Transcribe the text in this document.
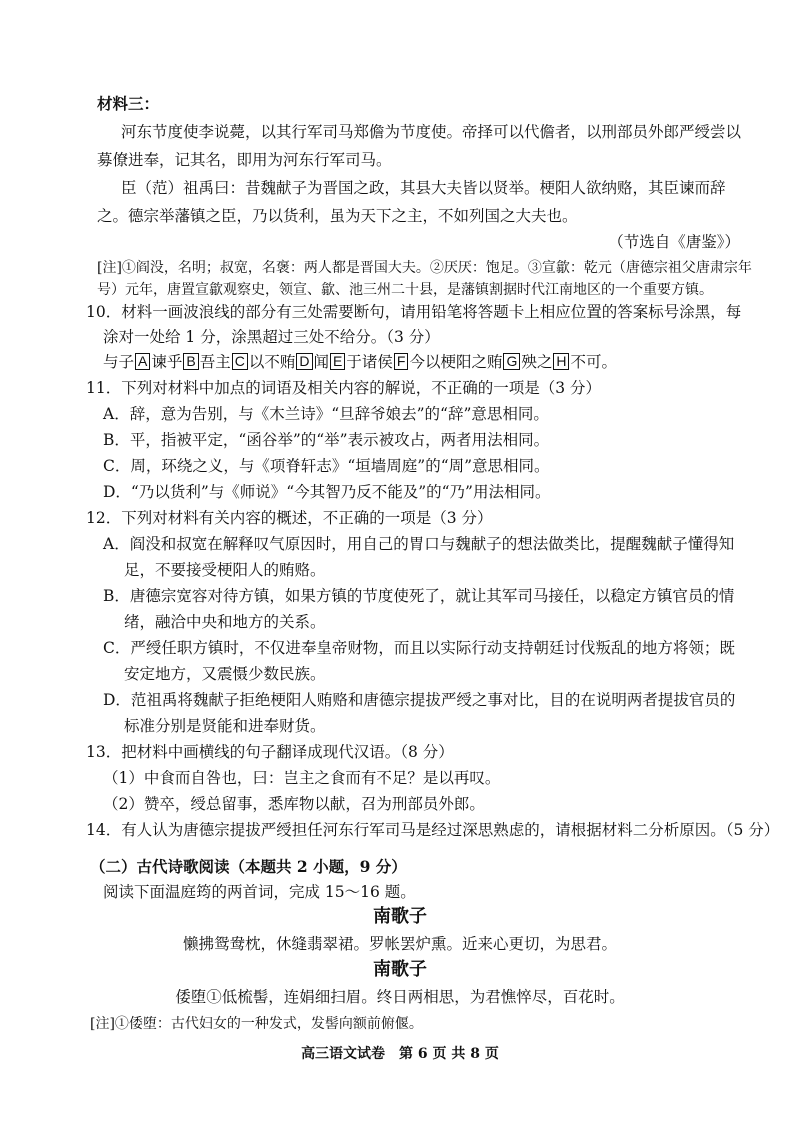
材料三：
河东节度使李说薨，以其行军司马郑儋为节度使。帝择可以代儋者，以刑部员外郎严绶尝以
募僚进奉，记其名，即用为河东行军司马。
臣（范）祖禹曰：昔魏献子为晋国之政，其县大夫皆以贤举。梗阳人欲纳赂，其臣谏而辞
之。德宗举藩镇之臣，乃以货利，虽为天下之主，不如列国之大夫也。
（节选自《唐鉴》）
[注]①阎没，名明；叔宽，名褒：两人都是晋国大夫。②厌厌：饱足。③宣歙：乾元（唐德宗祖父唐肃宗年
号）元年，唐置宣歙观察史，领宣、歙、池三州二十县，是藩镇割据时代江南地区的一个重要方镇。
10．材料一画波浪线的部分有三处需要断句，请用铅笔将答题卡上相应位置的答案标号涂黑，每
涂对一处给 1 分，涂黑超过三处不给分。（3 分）
与子 A 谏乎 B 吾主 C 以不贿 D 闻 E 于诸侯 F 今以梗阳之贿 G 殃之 H 不可。
11．下列对材料中加点的词语及相关内容的解说，不正确的一项是（3 分）
A．辞，意为告别，与《木兰诗》“旦辞爷娘去”的“辞”意思相同。
B．平，指被平定，“函谷举”的“举”表示被攻占，两者用法相同。
C．周，环绕之义，与《项脊轩志》“垣墙周庭”的“周”意思相同。
D．“乃以货利”与《师说》“今其智乃反不能及”的“乃”用法相同。
12．下列对材料有关内容的概述，不正确的一项是（3 分）
A．阎没和叔宽在解释叹气原因时，用自己的胃口与魏献子的想法做类比，提醒魏献子懂得知
足，不要接受梗阳人的贿赂。
B．唐德宗宽容对待方镇，如果方镇的节度使死了，就让其军司马接任，以稳定方镇官员的情
绪，融洽中央和地方的关系。
C．严绶任职方镇时，不仅进奉皇帝财物，而且以实际行动支持朝廷讨伐叛乱的地方将领；既
安定地方，又震慑少数民族。
D．范祖禹将魏献子拒绝梗阳人贿赂和唐德宗提拔严绶之事对比，目的在说明两者提拔官员的
标准分别是贤能和进奉财货。
13．把材料中画横线的句子翻译成现代汉语。（8 分）
（1）中食而自咎也，曰：岂主之食而有不足？是以再叹。
（2）赞卒，绶总留事，悉库物以献，召为刑部员外郎。
14．有人认为唐德宗提拔严绶担任河东行军司马是经过深思熟虑的，请根据材料二分析原因。（5 分）
（二）古代诗歌阅读（本题共 2 小题，9 分）
阅读下面温庭筠的两首词，完成 15～16 题。
南歌子
懒拂鸳鸯枕，休缝翡翠裙。罗帐罢炉熏。近来心更切，为思君。
南歌子
倭堕①低梳髻，连娟细扫眉。终日两相思，为君憔悴尽，百花时。
[注]①倭堕：古代妇女的一种发式，发髻向额前俯偃。
高三语文试卷　第 6 页 共 8 页
